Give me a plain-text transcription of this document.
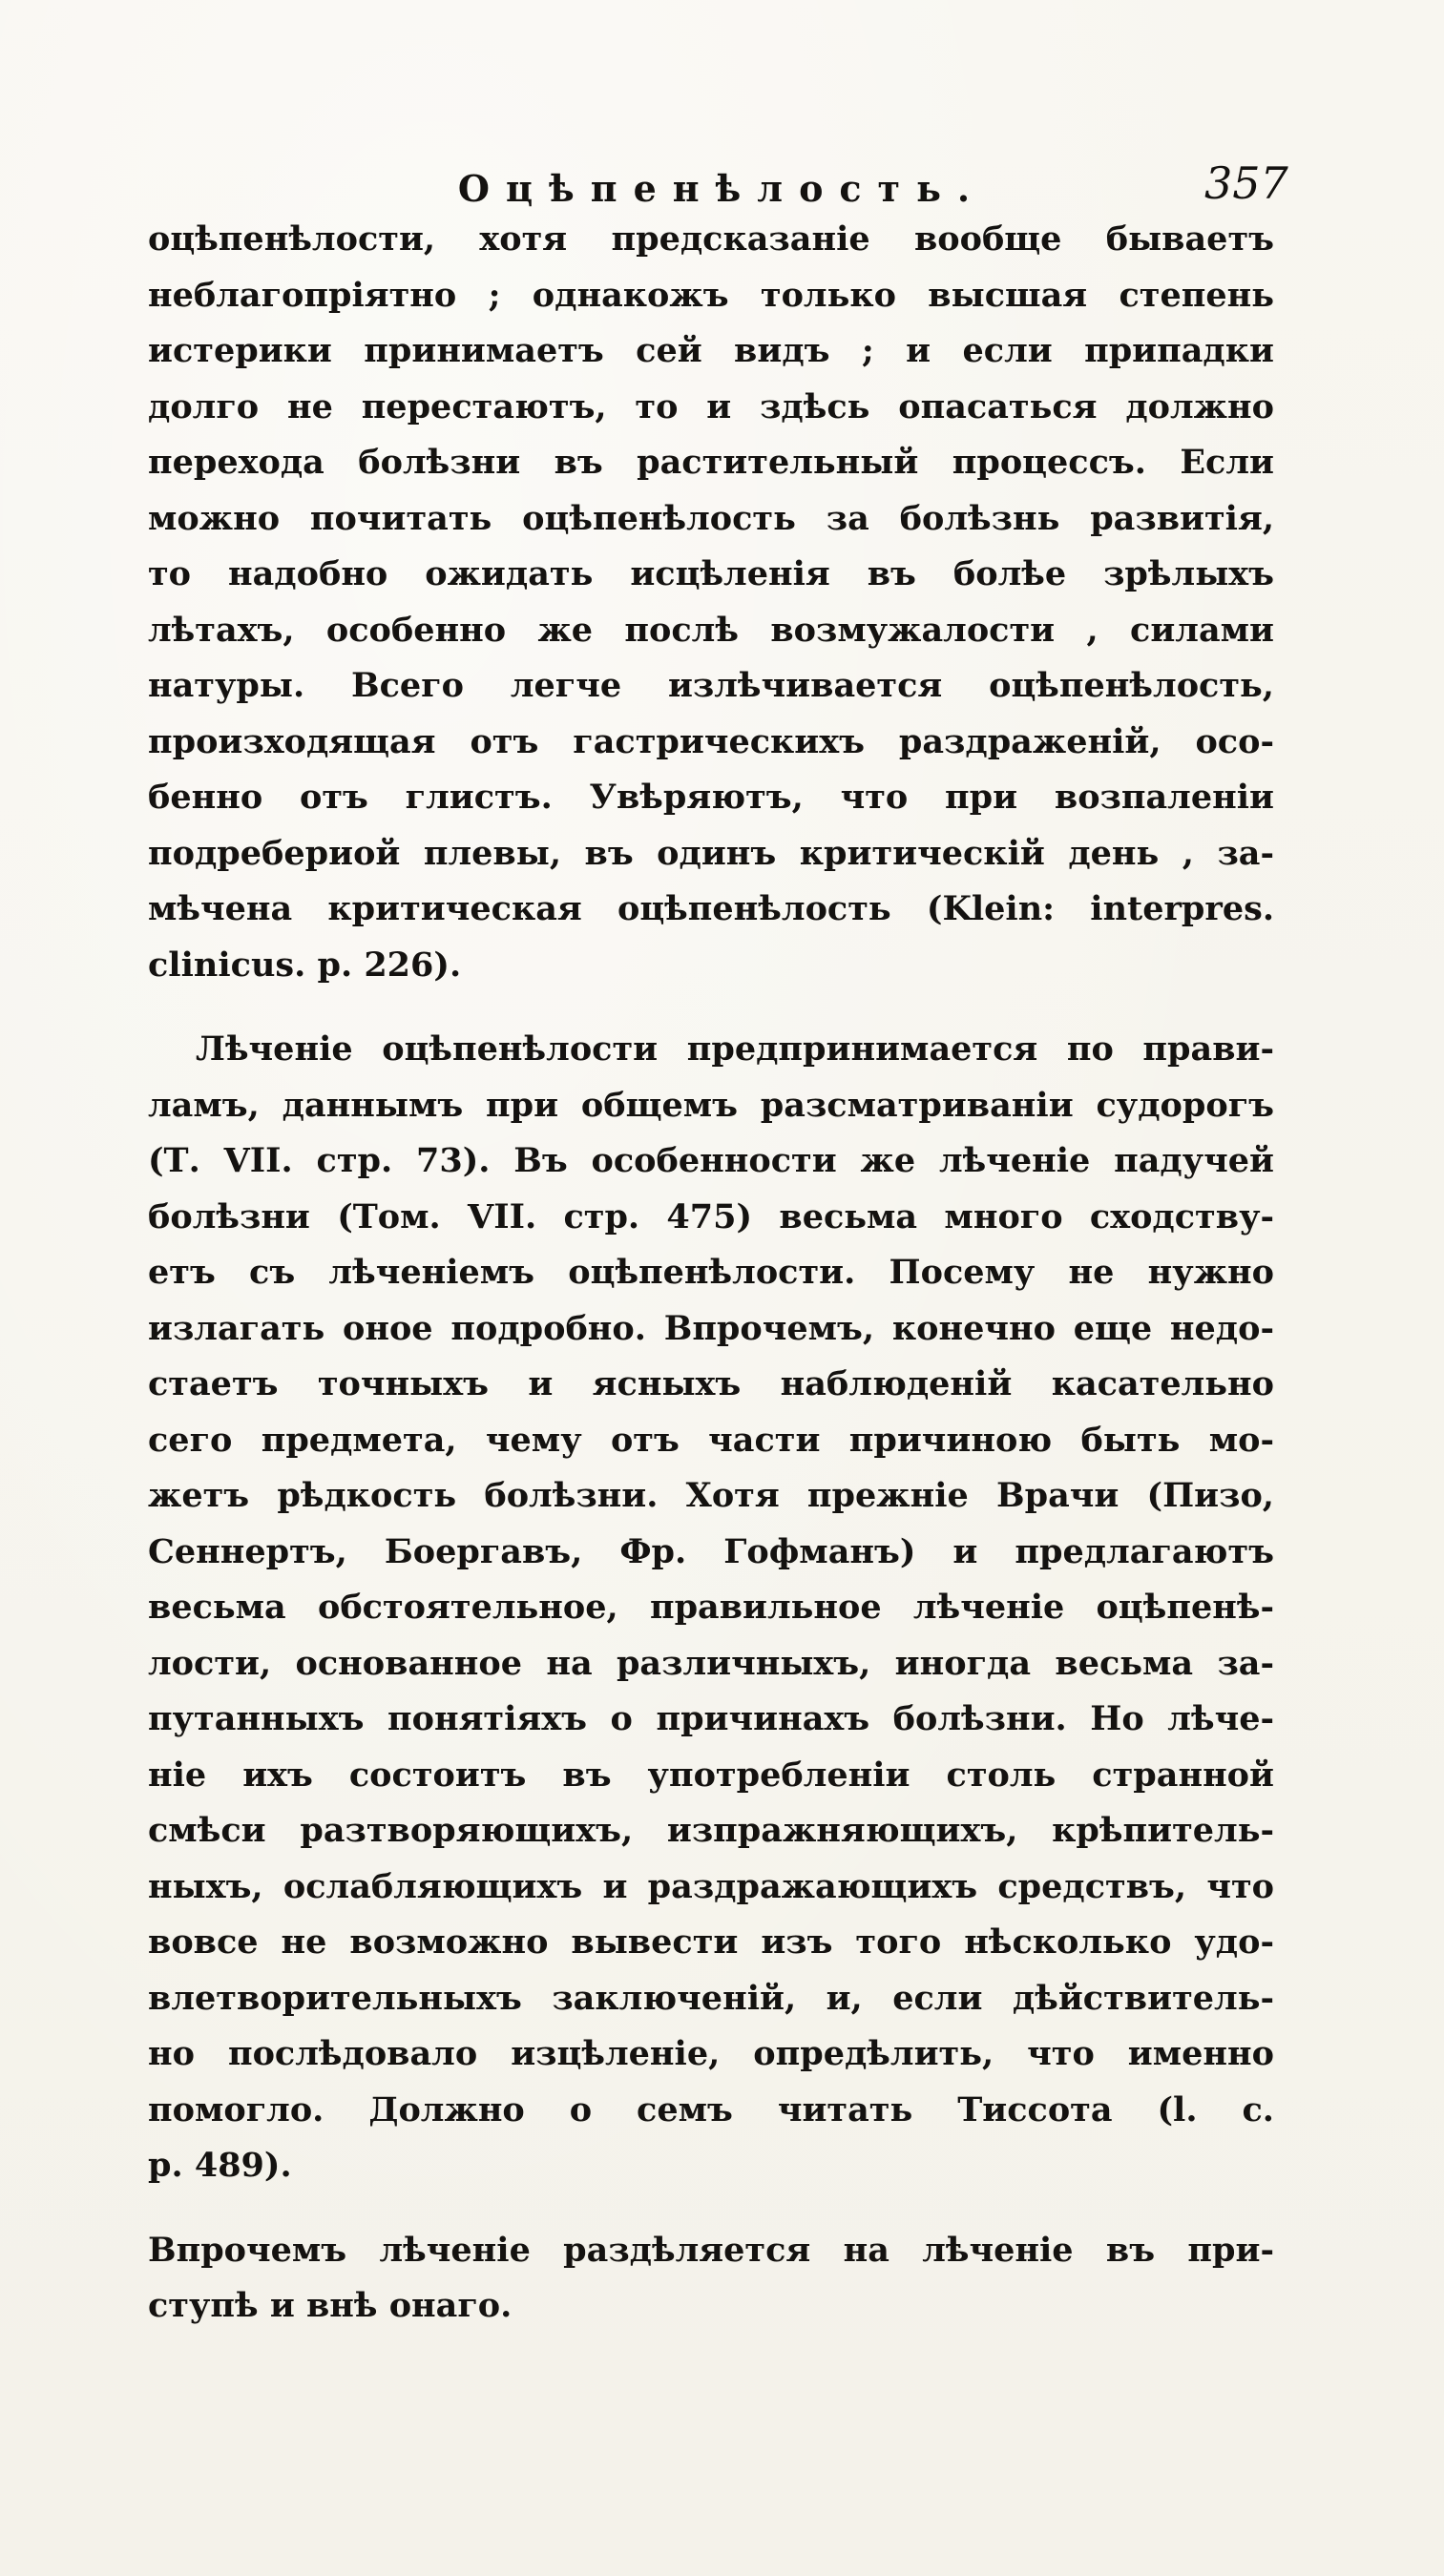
Оцѣпенѣлость.	357
оцѣпенѣлости, хотя предсказаніе вообще бываетъ
неблагопріятно ; однакожъ только высшая степень
истерики принимаетъ сей видъ ; и если припадки
долго не перестаютъ, то и здѣсь опасаться должно
перехода болѣзни въ растительный процессъ. Если
можно почитать оцѣпенѣлость за болѣзнь развитія,
то надобно ожидать исцѣленія въ болѣе зрѣлыхъ
лѣтахъ, особенно же послѣ возмужалости , силами
натуры. Всего легче излѣчивается оцѣпенѣлость,
произходящая отъ гастрическихъ раздраженій, осо-
бенно отъ глистъ. Увѣряютъ, что при возпаленіи
подребериой плевы, въ одинъ критическій день , за-
мѣчена критическая оцѣпенѣлость (Klein: interpres.
clinicus. p. 226).
Лѣченіе оцѣпенѣлости предпринимается по прави-
ламъ, даннымъ при общемъ разсматриваніи судорогъ
(Т. VII. стр. 73). Въ особенности же лѣченіе падучей
болѣзни (Том. VII. стр. 475) весьма много сходству-
етъ съ лѣченіемъ оцѣпенѣлости. Посему не нужно
излагать оное подробно. Впрочемъ, конечно еще недо-
стаетъ точныхъ и ясныхъ наблюденій касательно
сего предмета, чему отъ части причиною быть мо-
жетъ рѣдкость болѣзни. Хотя прежніе Врачи (Пизо,
Сеннертъ, Боергавъ, Фр. Гофманъ) и предлагаютъ
весьма обстоятельное, правильное лѣченіе оцѣпенѣ-
лости, основанное на различныхъ, иногда весьма за-
путанныхъ понятіяхъ о причинахъ болѣзни. Но лѣче-
ніе ихъ состоитъ въ употребленіи столь странной
смѣси разтворяющихъ, изпражняющихъ, крѣпитель-
ныхъ, ослабляющихъ и раздражающихъ средствъ, что
вовсе не возможно вывести изъ того нѣсколько удо-
влетворительныхъ заключеній, и, если дѣйствитель-
но послѣдовало изцѣленіе, опредѣлить, что именно
помогло. Должно о семъ читать Тиссота (l. c.
p. 489).
Впрочемъ лѣченіе раздѣляется на лѣченіе въ при-
ступѣ и внѣ онаго.
